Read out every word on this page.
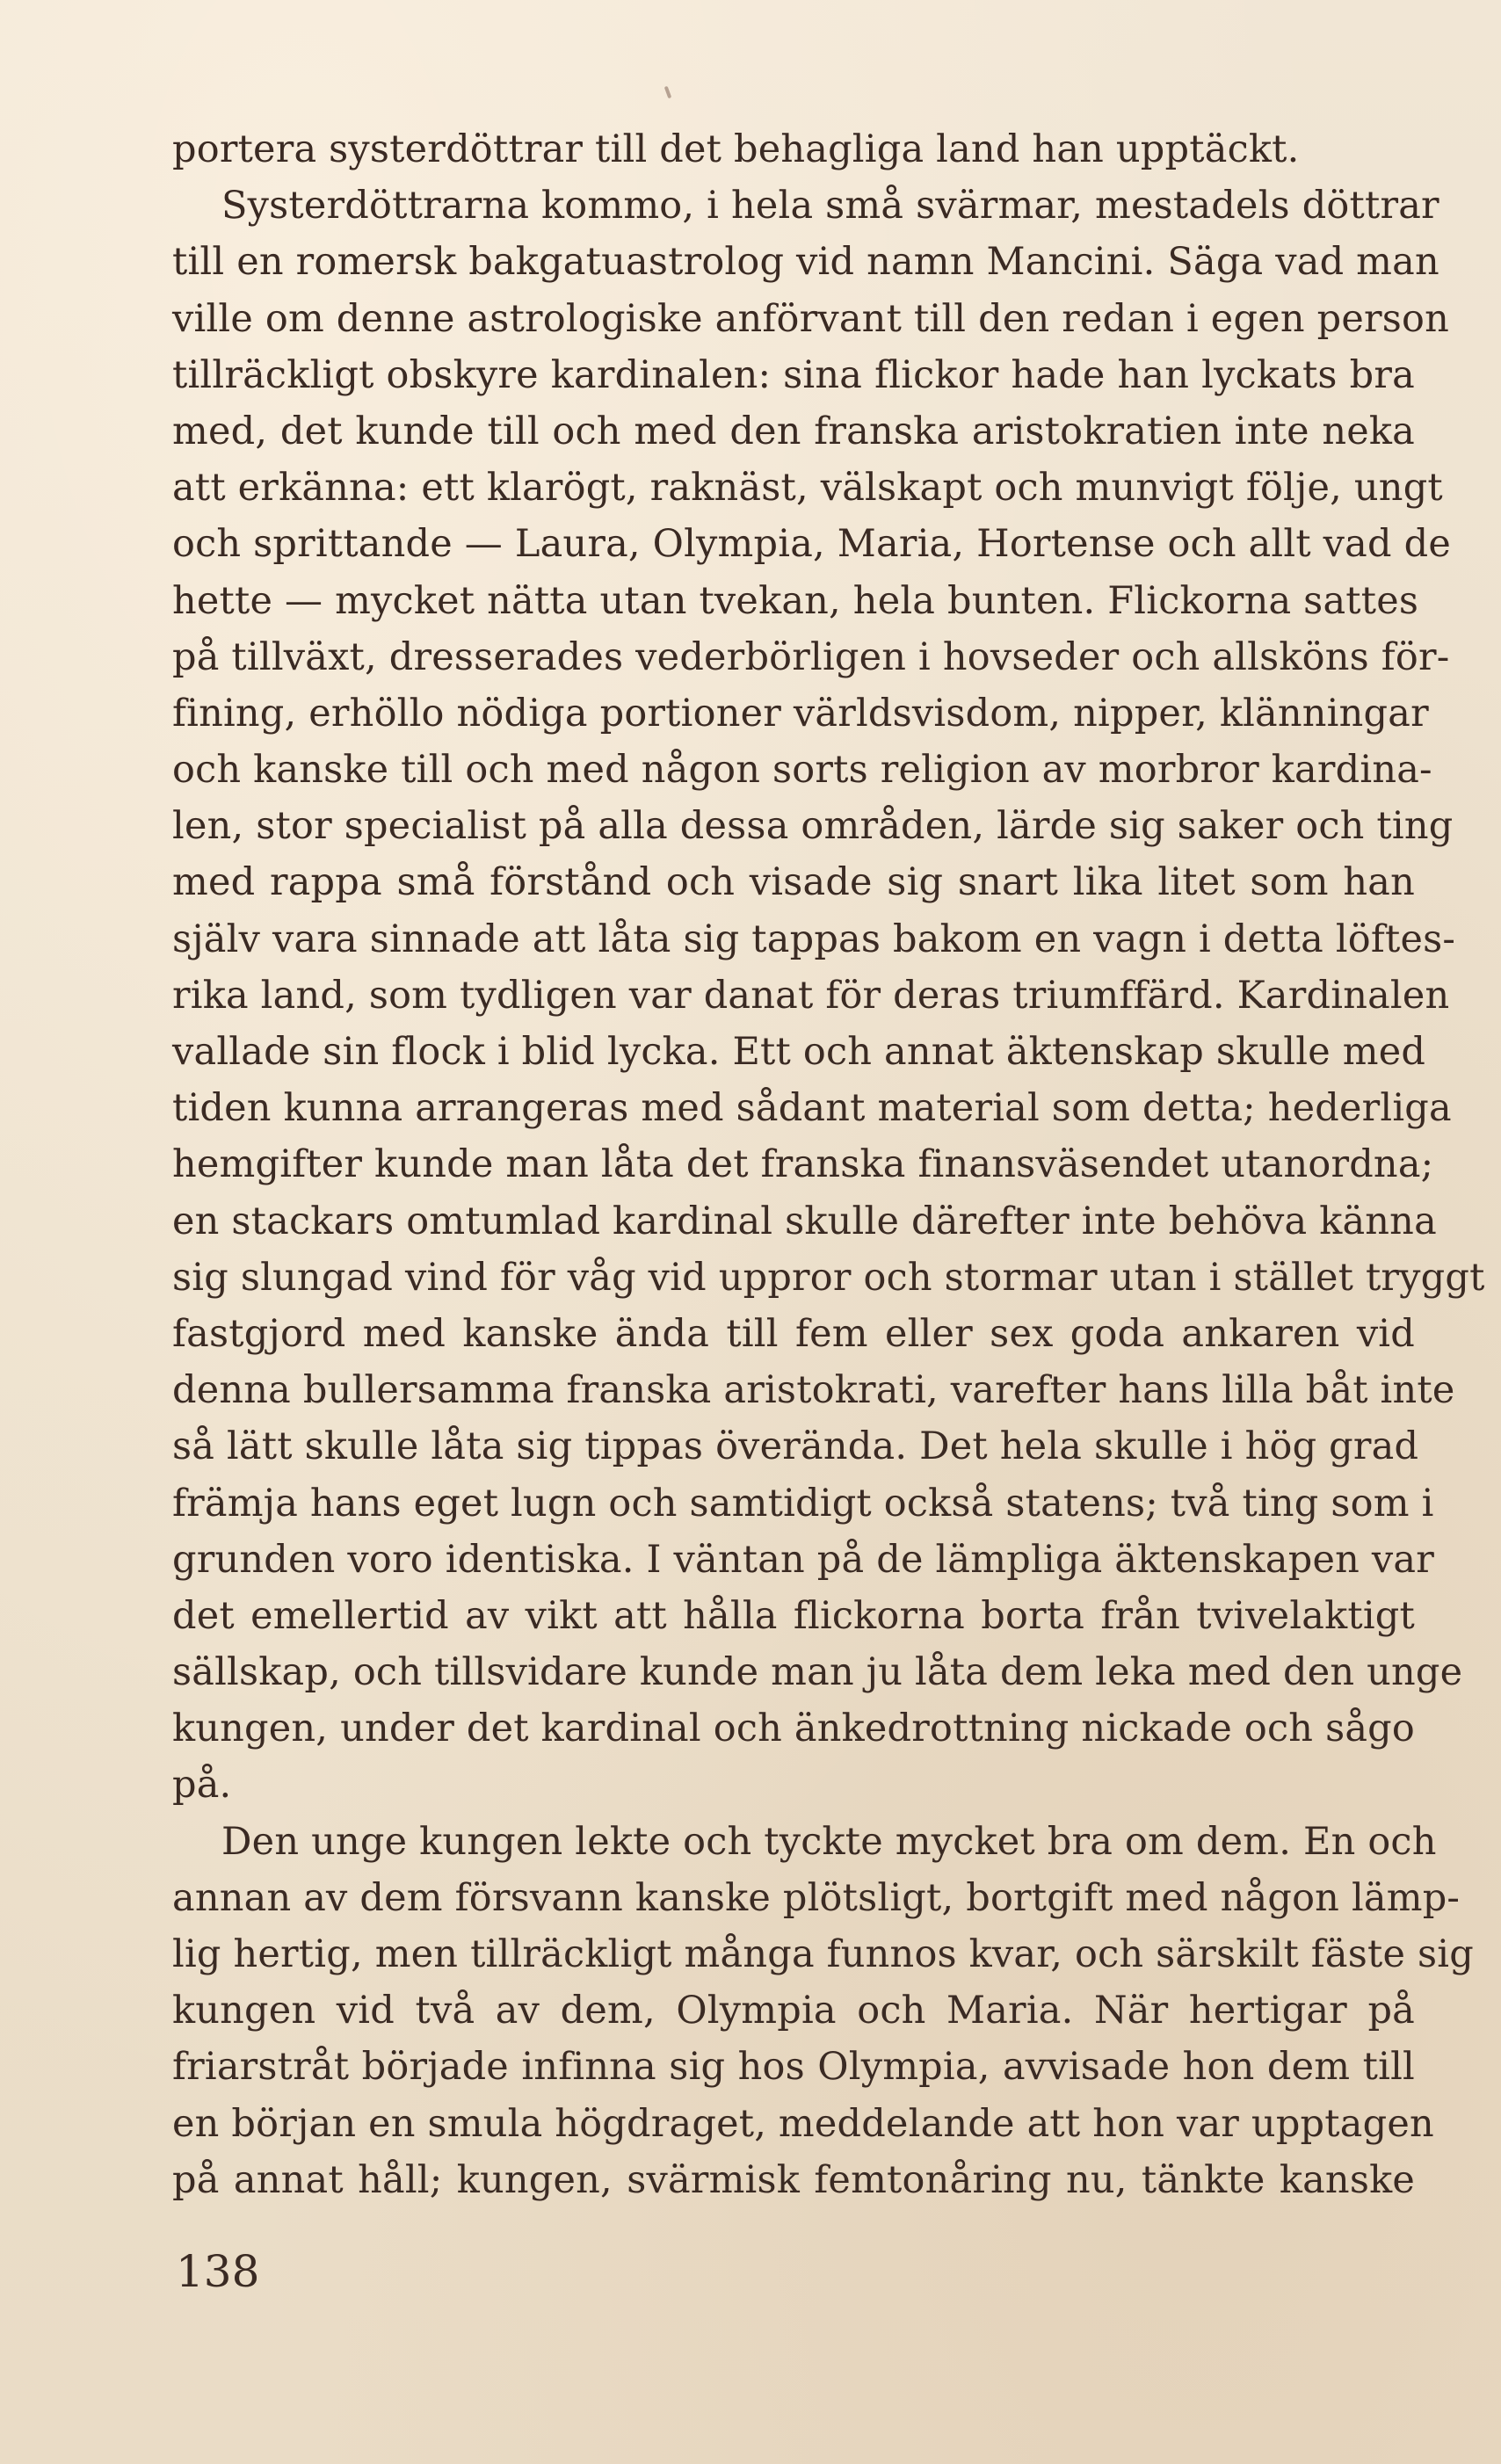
portera systerdöttrar till det behagliga land han upptäckt.
Systerdöttrarna kommo, i hela små svärmar, mestadels döttrar
till en romersk bakgatuastrolog vid namn Mancini. Säga vad man
ville om denne astrologiske anförvant till den redan i egen person
tillräckligt obskyre kardinalen: sina flickor hade han lyckats bra
med, det kunde till och med den franska aristokratien inte neka
att erkänna: ett klarögt, raknäst, välskapt och munvigt följe, ungt
och sprittande — Laura, Olympia, Maria, Hortense och allt vad de
hette — mycket nätta utan tvekan, hela bunten. Flickorna sattes
på tillväxt, dresserades vederbörligen i hovseder och allsköns för-
fining, erhöllo nödiga portioner världsvisdom, nipper, klänningar
och kanske till och med någon sorts religion av morbror kardina-
len, stor specialist på alla dessa områden, lärde sig saker och ting
med rappa små förstånd och visade sig snart lika litet som han
själv vara sinnade att låta sig tappas bakom en vagn i detta löftes-
rika land, som tydligen var danat för deras triumffärd. Kardinalen
vallade sin flock i blid lycka. Ett och annat äktenskap skulle med
tiden kunna arrangeras med sådant material som detta; hederliga
hemgifter kunde man låta det franska finansväsendet utanordna;
en stackars omtumlad kardinal skulle därefter inte behöva känna
sig slungad vind för våg vid uppror och stormar utan i stället tryggt
fastgjord med kanske ända till fem eller sex goda ankaren vid
denna bullersamma franska aristokrati, varefter hans lilla båt inte
så lätt skulle låta sig tippas överända. Det hela skulle i hög grad
främja hans eget lugn och samtidigt också statens; två ting som i
grunden voro identiska. I väntan på de lämpliga äktenskapen var
det emellertid av vikt att hålla flickorna borta från tvivelaktigt
sällskap, och tillsvidare kunde man ju låta dem leka med den unge
kungen, under det kardinal och änkedrottning nickade och sågo
på.
Den unge kungen lekte och tyckte mycket bra om dem. En och
annan av dem försvann kanske plötsligt, bortgift med någon lämp-
lig hertig, men tillräckligt många funnos kvar, och särskilt fäste sig
kungen vid två av dem, Olympia och Maria. När hertigar på
friarstråt började infinna sig hos Olympia, avvisade hon dem till
en början en smula högdraget, meddelande att hon var upptagen
på annat håll; kungen, svärmisk femtonåring nu, tänkte kanske
138
